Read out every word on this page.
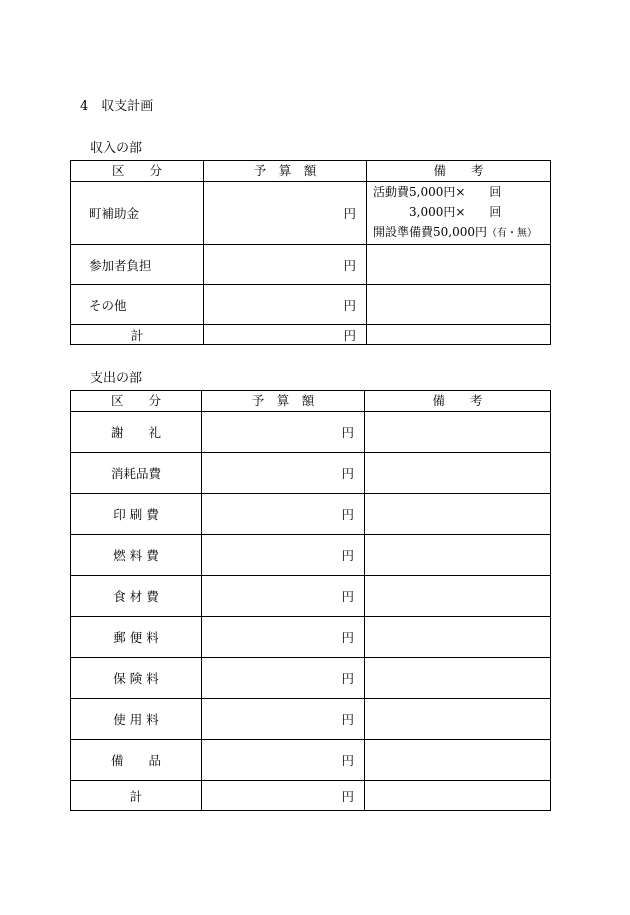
4　収支計画
収入の部
区　　分	予　算　額	備　　考
町補助金	円	活動費5,000円×　　回
　　　3,000円×　　回
開設準備費50,000円（有・無）

参加者負担	円	
その他	円	
計	円	
支出の部
区　　分	予　算　額	備　　考
謝　　礼	円	
消耗品費	円	
印 刷 費	円	
燃 料 費	円	
食 材 費	円	
郵 便 料	円	
保 険 料	円	
使 用 料	円	
備　　品	円	
計	円	
